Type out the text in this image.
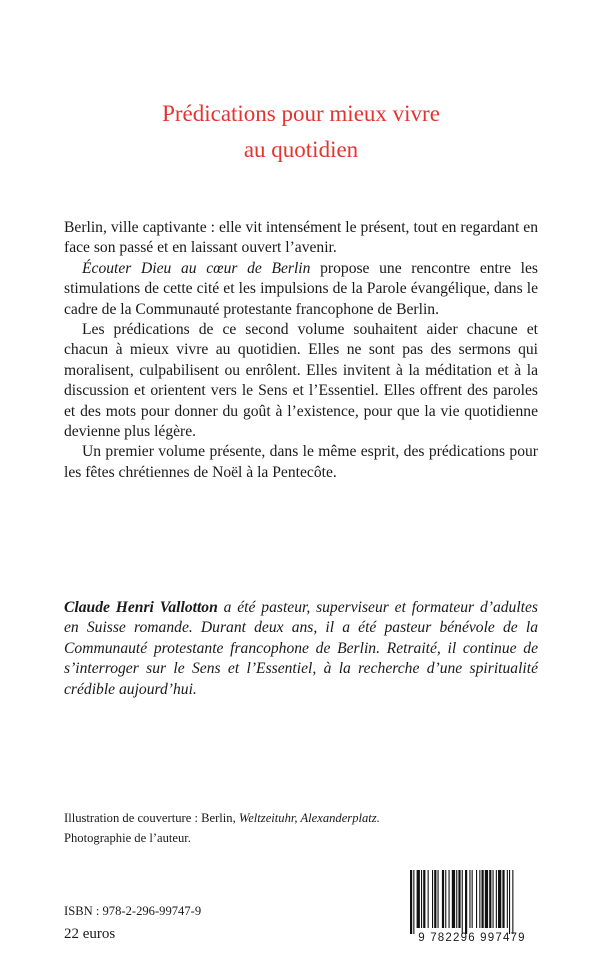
Prédications pour mieux vivre
au quotidien

Berlin, ville captivante : elle vit intensément le présent, tout en regardant en face son passé et en laissant ouvert l’avenir.

Écouter Dieu au cœur de Berlin propose une rencontre entre les stimulations de cette cité et les impulsions de la Parole évangélique, dans le cadre de la Communauté protestante francophone de Berlin.

Les prédications de ce second volume souhaitent aider chacune et chacun à mieux vivre au quotidien. Elles ne sont pas des sermons qui moralisent, culpabilisent ou enrôlent. Elles invitent à la méditation et à la discussion et orientent vers le Sens et l’Essentiel. Elles offrent des paroles et des mots pour donner du goût à l’existence, pour que la vie quotidienne devienne plus légère.

Un premier volume présente, dans le même esprit, des prédications pour les fêtes chrétiennes de Noël à la Pentecôte.

Claude Henri Vallotton a été pasteur, superviseur et formateur d’adultes en Suisse romande. Durant deux ans, il a été pasteur bénévole de la Communauté protestante francophone de Berlin. Retraité, il continue de s’interroger sur le Sens et l’Essentiel, à la recherche d’une spiritualité crédible aujourd’hui.
Illustration de couverture : Berlin, Weltzeituhr, Alexanderplatz.
Photographie de l’auteur.
ISBN : 978-2-296-99747-9
22 euros	9 782296 997479
